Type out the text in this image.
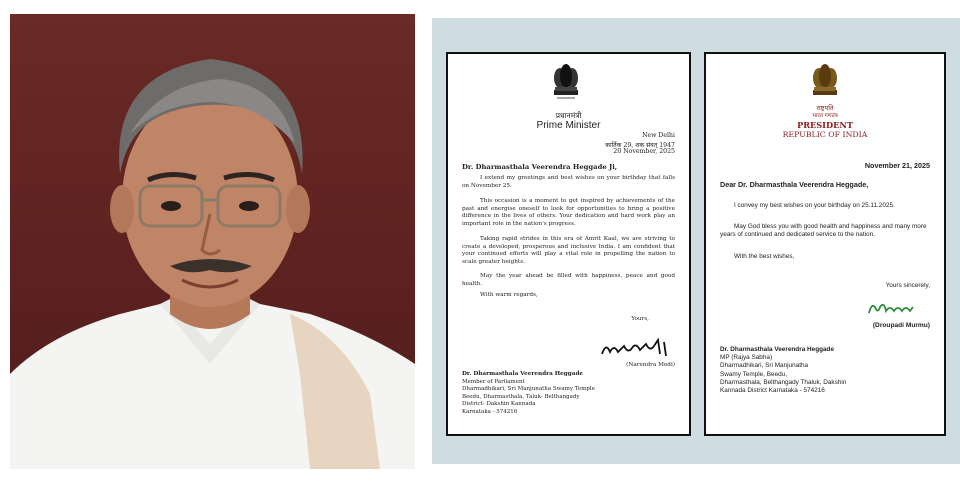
प्रधानमंत्री
Prime Minister
New Delhi
कार्तिक 29, शक संवत् 1947
20 November, 2025
Dr. Dharmasthala Veerendra Heggade Ji,

I extend my greetings and best wishes on your birthday that falls on November 25.

This occasion is a moment to get inspired by achievements of the past and energise oneself to look for opportunities to bring a positive difference in the lives of others. Your dedication and hard work play an important role in the nation's progress.

Taking rapid strides in this era of Amrit Kaal, we are striving to create a developed, prosperous and inclusive India. I am confident that your continued efforts will play a vital role in propelling the nation to scale greater heights.

May the year ahead be filled with happiness, peace and good health.

With warm regards,
Yours,
(Narendra Modi)
Dr. Dharmasthala Veerendra Heggade
Member of Parliament
Dharmadhikari, Sri Manjunatha Swamy Temple
Beedu, Dharmasthala, Taluk- Belthangady
District- Dakshin Kannada
Karnataka - 574216
राष्ट्रपति
भारत गणतंत्र
PRESIDENT
REPUBLIC OF INDIA
November 21, 2025
Dear Dr. Dharmasthala Veerendra Heggade,

I convey my best wishes on your birthday on 25.11.2025.

May God bless you with good health and happiness and many more years of continued and dedicated service to the nation.

With the best wishes,

Yours sincerely,
(Droupadi Murmu)
Dr. Dharmasthala Veerendra Heggade
MP (Rajya Sabha)
Dharmadhikari, Sri Manjunatha
Swamy Temple, Beedu,
Dharmasthala, Belthangady Thaluk, Dakshin
Kannada District Karnataka - 574216
